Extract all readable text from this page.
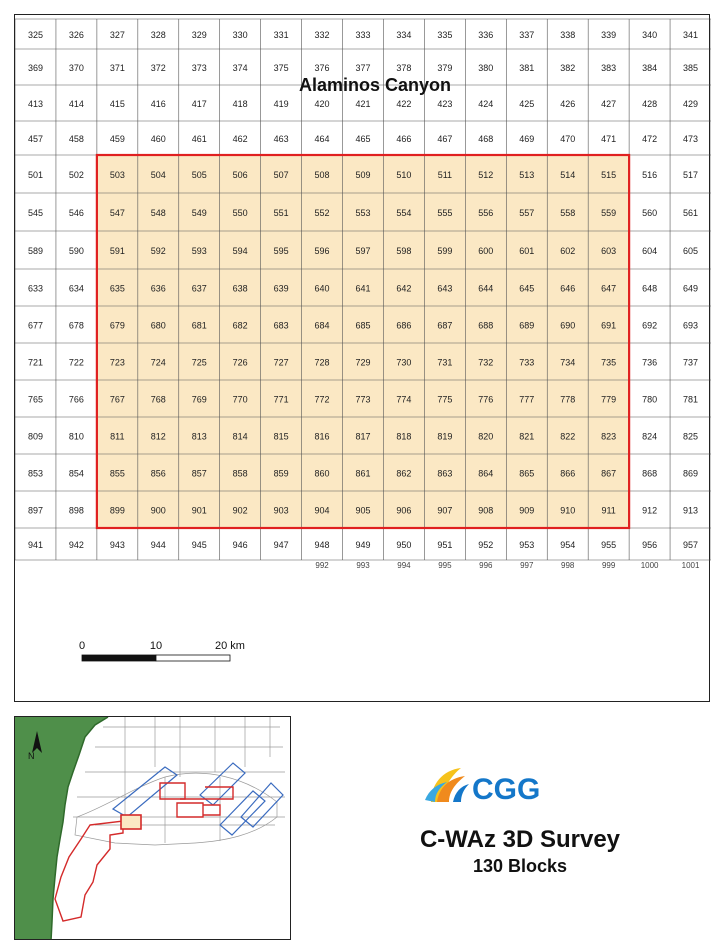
325	326	327	328	329	330	331	332	333	334	335	336	337	338	339	340	341
369	370	371	372	373	374	375	376	377	378	379	380	381	382	383	384	385
413	414	415	416	417	418	419	420	421	422	423	424	425	426	427	428	429
457	458	459	460	461	462	463	464	465	466	467	468	469	470	471	472	473
501	502	503	504	505	506	507	508	509	510	511	512	513	514	515	516	517
545	546	547	548	549	550	551	552	553	554	555	556	557	558	559	560	561
589	590	591	592	593	594	595	596	597	598	599	600	601	602	603	604	605
633	634	635	636	637	638	639	640	641	642	643	644	645	646	647	648	649
677	678	679	680	681	682	683	684	685	686	687	688	689	690	691	692	693
721	722	723	724	725	726	727	728	729	730	731	732	733	734	735	736	737
765	766	767	768	769	770	771	772	773	774	775	776	777	778	779	780	781
809	810	811	812	813	814	815	816	817	818	819	820	821	822	823	824	825
853	854	855	856	857	858	859	860	861	862	863	864	865	866	867	868	869
897	898	899	900	901	902	903	904	905	906	907	908	909	910	911	912	913
941	942	943	944	945	946	947	948	949	950	951	952	953	954	955	956	957
992	993	994	995	996	997	998	999	1000	1001
Alaminos Canyon
0	10	20 km
N
CGG
C-WAz 3D Survey
130 Blocks
